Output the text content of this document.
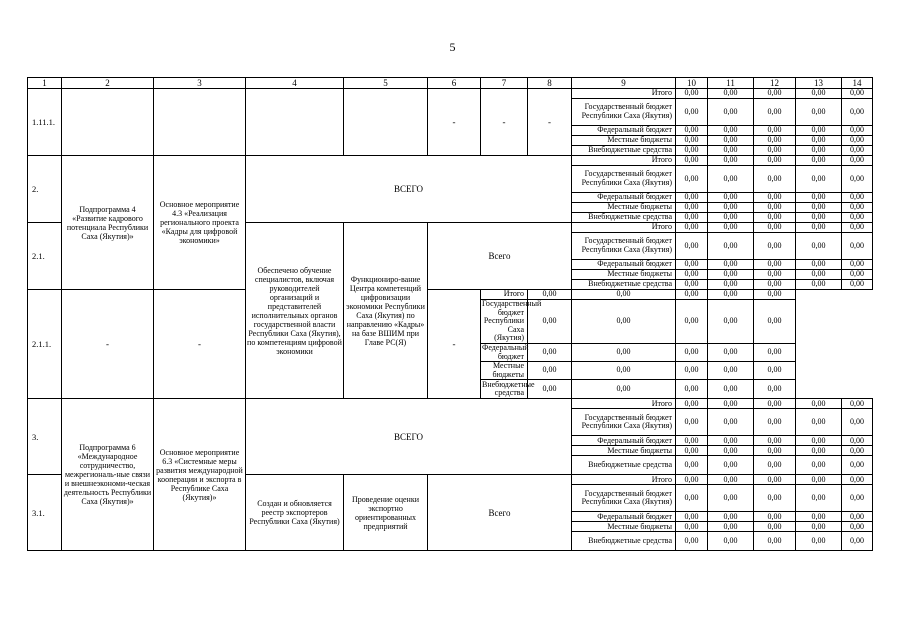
5
1	2	3	4	5	6	7	8	9	10	11	12	13	14
1.11.1.					-	-	-	Итого	0,00	0,00	0,00	0,00	0,00
								Государственный бюджет Республики Саха (Якутия)	0,00	0,00	0,00	0,00	0,00
								Федеральный бюджет	0,00	0,00	0,00	0,00	0,00
								Местные бюджеты	0,00	0,00	0,00	0,00	0,00
								Внебюджетные средства	0,00	0,00	0,00	0,00	0,00
2.	Подпрограмма 4 «Развитие кадрового потенциала Республики Саха (Якутия)»	Основное мероприятие 4.3 «Реализация регионального проекта «Кадры для цифровой экономики»	ВСЕГО					Итого	0,00	0,00	0,00	0,00	0,00
								Государственный бюджет Республики Саха (Якутия)	0,00	0,00	0,00	0,00	0,00
								Федеральный бюджет	0,00	0,00	0,00	0,00	0,00
								Местные бюджеты	0,00	0,00	0,00	0,00	0,00
								Внебюджетные средства	0,00	0,00	0,00	0,00	0,00
2.1.			Обеспечено обучение специалистов, включая руководителей организаций и представителей исполнительных органов государственной власти Республики Саха (Якутия), по компетенциям цифровой экономики	Функциониро-вание Центра компетенций цифровизации экономики Республики Саха (Якутия) по направлению «Кадры» на базе ВШИМ при Главе РС(Я)	Всего			Итого	0,00	0,00	0,00	0,00	0,00
								Государственный бюджет Республики Саха (Якутия)	0,00	0,00	0,00	0,00	0,00
								Федеральный бюджет	0,00	0,00	0,00	0,00	0,00
								Местные бюджеты	0,00	0,00	0,00	0,00	0,00
								Внебюджетные средства	0,00	0,00	0,00	0,00	0,00
2.1.1.	-	-			-	Итого	0,00	0,00	0,00	0,00	0,00		
						Государственный бюджет Республики Саха (Якутия)	0,00	0,00	0,00	0,00	0,00		
						Федеральный бюджет	0,00	0,00	0,00	0,00	0,00		
						Местные бюджеты	0,00	0,00	0,00	0,00	0,00		
						Внебюджетные средства	0,00	0,00	0,00	0,00	0,00		
3.	Подпрограмма 6 «Международное сотрудничество, межрегиональ-ные связи и внешнеэкономи-ческая деятельность Республики Саха (Якутия)»	Основное мероприятие 6.3 «Системные меры развития международной кооперации и экспорта в Республике Саха (Якутия)»	ВСЕГО					Итого	0,00	0,00	0,00	0,00	0,00
								Государственный бюджет Республики Саха (Якутия)	0,00	0,00	0,00	0,00	0,00
								Федеральный бюджет	0,00	0,00	0,00	0,00	0,00
								Местные бюджеты	0,00	0,00	0,00	0,00	0,00
								Внебюджетные средства	0,00	0,00	0,00	0,00	0,00
3.1.			Создан и обновляется реестр экспортеров Республики Саха (Якутия)	Проведение оценки экспортно ориентированных предприятий	Всего			Итого	0,00	0,00	0,00	0,00	0,00
								Государственный бюджет Республики Саха (Якутия)	0,00	0,00	0,00	0,00	0,00
								Федеральный бюджет	0,00	0,00	0,00	0,00	0,00
								Местные бюджеты	0,00	0,00	0,00	0,00	0,00
								Внебюджетные средства	0,00	0,00	0,00	0,00	0,00
